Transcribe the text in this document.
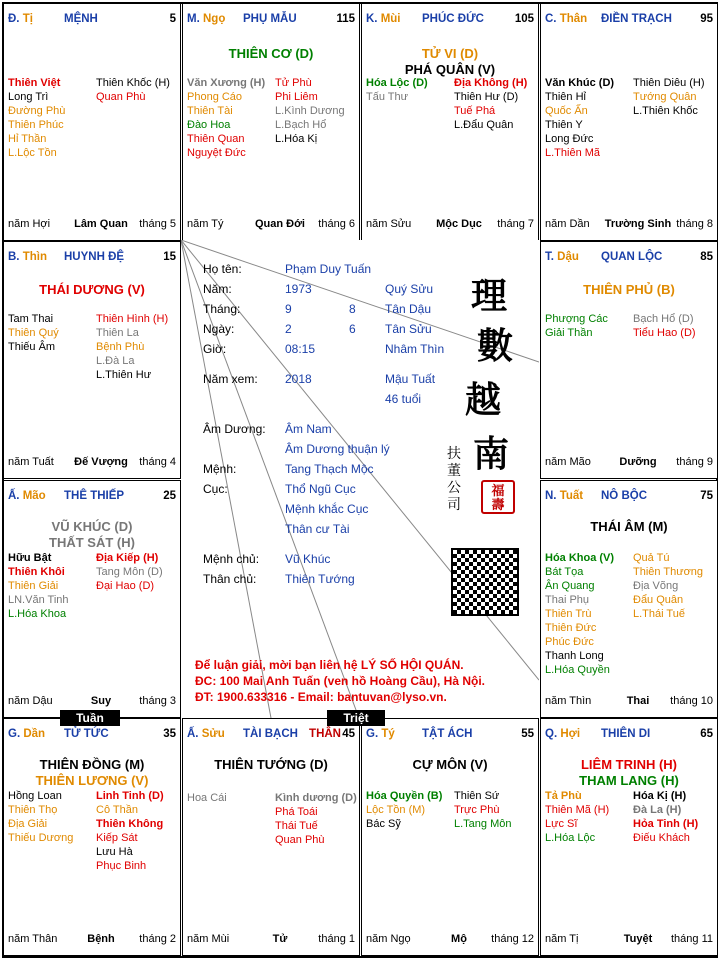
Đ. Tị	MỆNH	5
Thiên Việt
Long Trì
Đường Phù
Thiên Phúc
Hỉ Thần
L.Lộc Tồn
Thiên Khốc (H)
Quan Phù
năm Hợi	Lâm Quan	tháng 5
M. Ngọ PHỤ MẪU	115
THIÊN CƠ (D)
Văn Xương (H)
Phong Cáo
Thiên Tài
Đào Hoa
Thiên Quan
Nguyệt Đức
Tử Phù
Phi Liêm
L.Kình Dương
L.Bạch Hổ
L.Hóa Kị
năm Tý	Quan Đới	tháng 6
K. Mùi PHÚC ĐỨC	105
TỬ VI (D)
PHÁ QUÂN (V)
Hóa Lộc (D)
Tấu Thư
Địa Không (H)
Thiên Hư (D)
Tuế Phá
L.Đẩu Quân
năm Sửu	Mộc Dục	tháng 7
C. Thân ĐIỀN TRẠCH 95
Văn Khúc (D)
Thiên Hỉ
Quốc Ấn
Thiên Y
Long Đức
L.Thiên Mã
Thiên Diêu (H)
Tướng Quân
L.Thiên Khốc
năm Dần	Trường Sinh tháng 8
B. Thìn HUYNH ĐỆ	15
THÁI DƯƠNG (V)
Tam Thai
Thiên Quý
Thiếu Âm
Thiên Hình (H)
Thiên La
Bệnh Phù
L.Đà La
L.Thiên Hư
năm Tuất	Đế Vượng	tháng 4
T. Dậu QUAN LỘC	85
THIÊN PHỦ (B)
Phượng Các
Giải Thần
Bạch Hổ (D)
Tiểu Hao (D)
năm Mão	Dưỡng	tháng 9
Ấ. Mão THÊ THIẾP	25
VŨ KHÚC (D)
THẤT SÁT (H)
Hữu Bật
Thiên Khôi
Thiên Giải
LN.Văn Tinh
L.Hóa Khoa
Địa Kiếp (H)
Tang Môn (D)
Đại Hao (D)
năm Dậu	Suy	tháng 3
N. Tuất NÔ BỘC	75
THÁI ÂM (M)
Hóa Khoa (V)
Bát Tọa
Ân Quang
Thai Phụ
Thiên Trù
Thiên Đức
Phúc Đức
Thanh Long
L.Hóa Quyền
Quả Tú
Thiên Thương
Địa Võng
Đẩu Quân
L.Thái Tuế
năm Thìn	Thai	tháng 10
G. Dần TỬ TỨC	35
THIÊN ĐỒNG (M)
THIÊN LƯƠNG (V)
Hồng Loan
Thiên Thọ
Địa Giải
Thiếu Dương
Linh Tinh (D)
Cô Thần
Thiên Không
Kiếp Sát
Lưu Hà
Phục Binh
năm Thân	Bệnh	tháng 2
Ấ. Sửu TÀI BẠCH THÂN 45
THIÊN TƯỚNG (D)
Hoa Cái	Kình dương (D)
Phá Toái
Thái Tuế
Quan Phù
năm Mùi	Tử	tháng 1
G. Tý TẬT ÁCH	55
CỰ MÔN (V)
Hóa Quyền (B)
Lộc Tồn (M)
Bác Sỹ
Thiên Sứ
Trực Phù
L.Tang Môn
năm Ngọ	Mộ	tháng 12
Q. Hợi THIÊN DI	65
LIÊM TRINH (H)
THAM LANG (H)
Tả Phù
Thiên Mã (H)
Lực Sĩ
L.Hóa Lộc
Hóa Kị (H)
Đà La (H)
Hỏa Tinh (H)
Điếu Khách
năm Tị	Tuyệt	tháng 11
Họ tên:	Phạm Duy Tuấn
Năm:	1973	Quý Sửu
Tháng:	9	8 Tân Dậu
Ngày:	2	6 Tân Sửu
Giờ:	08:15	Nhâm Thìn
Năm xem: 2018	Mậu Tuất
46 tuổi
Âm Dương: Âm Nam
Âm Dương thuận lý
Mệnh:	Tang Thạch Mộc
Cục:	Thổ Ngũ Cục
Mệnh khắc Cục
Thân cư Tài
Mệnh chủ: Vũ Khúc
Thân chủ: Thiên Tướng
理
數
越
南
扶
董
公
司
福
壽
Để luận giải, mời bạn liên hệ LÝ SỐ HỘI QUÁN.
ĐC: 100 Mai Anh Tuấn (ven hồ Hoàng Cầu), Hà Nội.
ĐT: 1900.633316 - Email: bantuvan@lyso.vn.
Tuần	Triệt
